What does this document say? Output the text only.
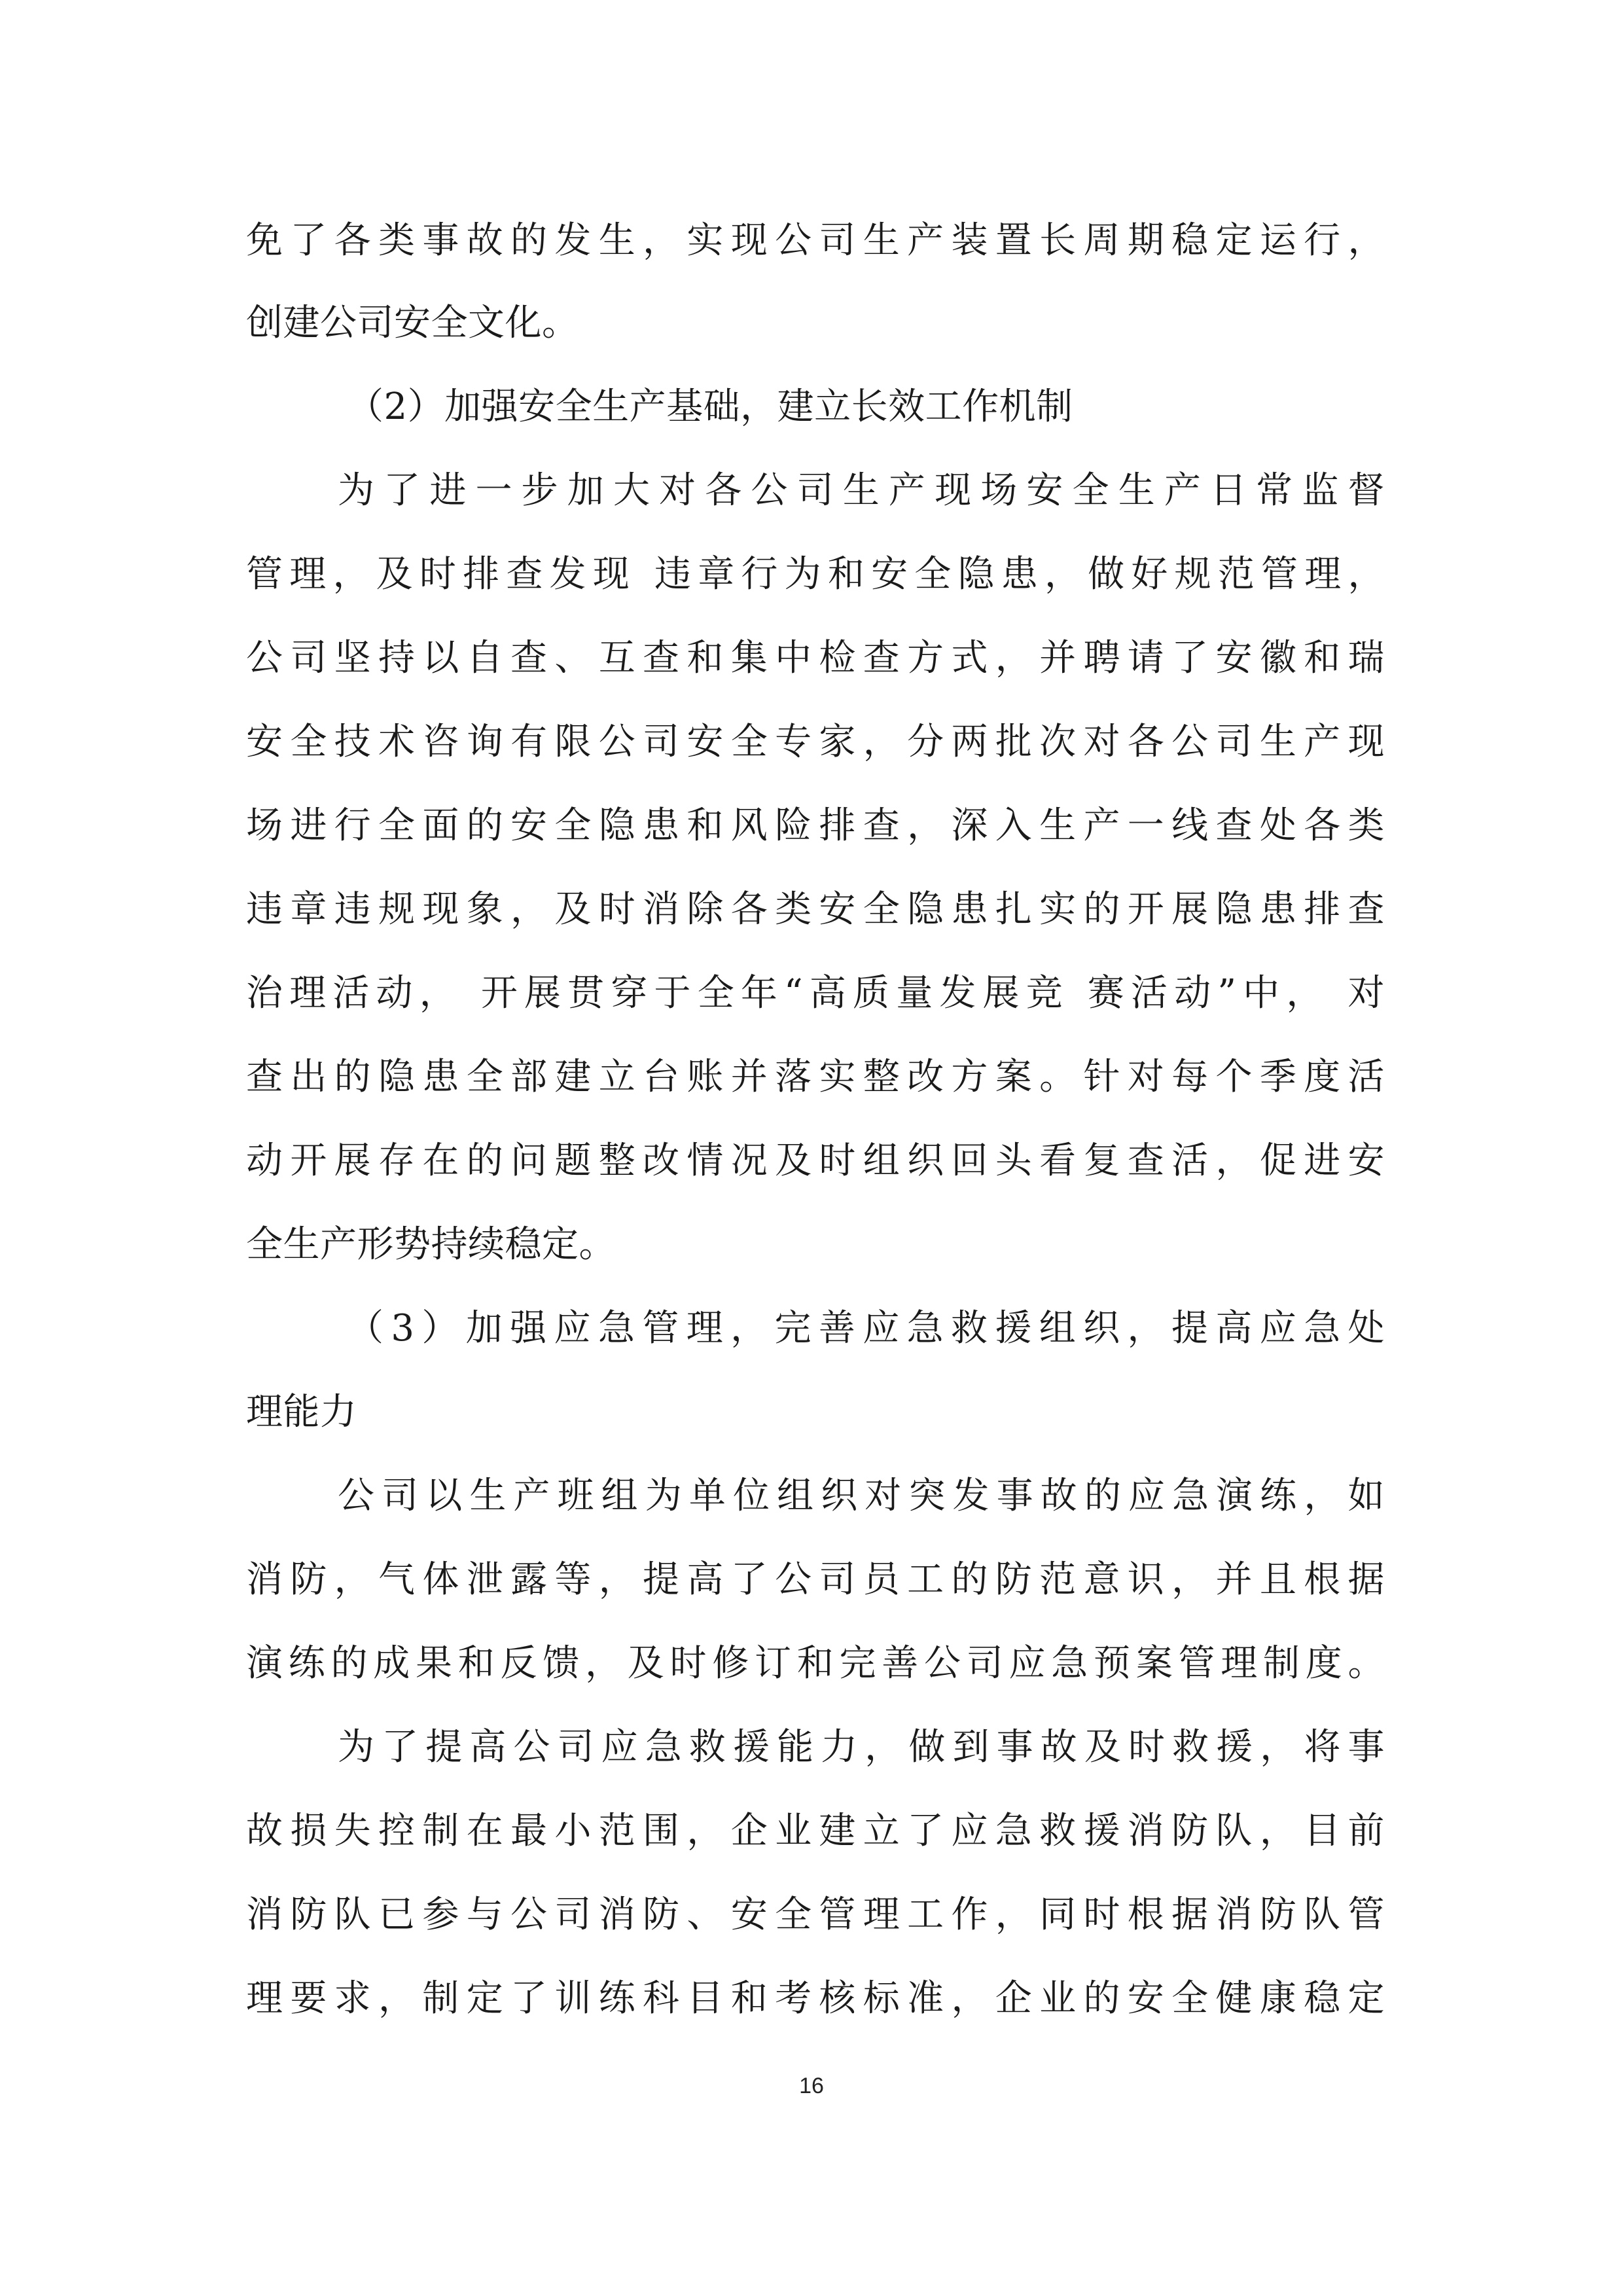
免了各类事故的发生，实现公司生产装置长周期稳定运行，
创建公司安全文化。
（2）加强安全生产基础，建立长效工作机制
为了进一步加大对各公司生产现场安全生产日常监督
管理，及时排查发现 违章行为和安全隐患，做好规范管理，
公司坚持以自查、互查和集中检查方式，并聘请了安徽和瑞
安全技术咨询有限公司安全专家，分两批次对各公司生产现
场进行全面的安全隐患和风险排查，深入生产一线查处各类
违章违规现象，及时消除各类安全隐患扎实的开展隐患排查
治理活动， 开展贯穿于全年“高质量发展竞 赛活动”中， 对
查出的隐患全部建立台账并落实整改方案。针对每个季度活
动开展存在的问题整改情况及时组织回头看复查活，促进安
全生产形势持续稳定。
（3）加强应急管理，完善应急救援组织，提高应急处
理能力
公司以生产班组为单位组织对突发事故的应急演练，如
消防，气体泄露等，提高了公司员工的防范意识，并且根据
演练的成果和反馈，及时修订和完善公司应急预案管理制度。
为了提高公司应急救援能力，做到事故及时救援，将事
故损失控制在最小范围，企业建立了应急救援消防队，目前
消防队已参与公司消防、安全管理工作，同时根据消防队管
理要求，制定了训练科目和考核标准，企业的安全健康稳定
16
